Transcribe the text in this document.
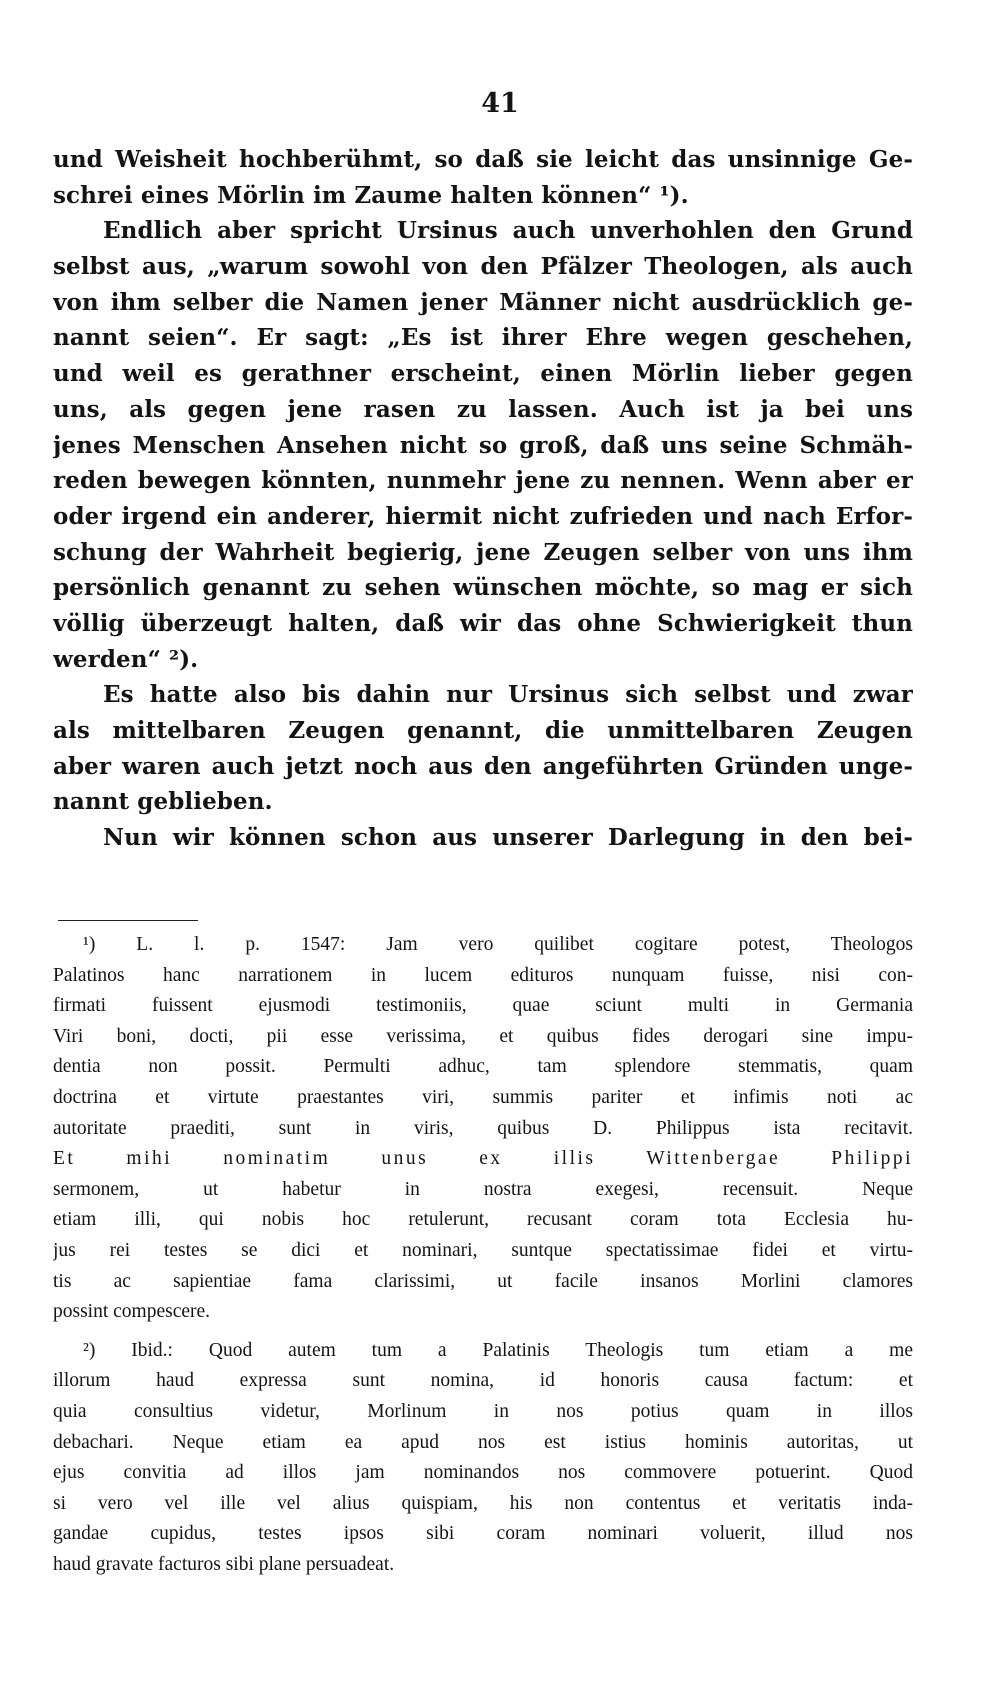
41
und Weisheit hochberühmt, so daß sie leicht das unsinnige Ge-
schrei eines Mörlin im Zaume halten können“ ¹).
Endlich aber spricht Ursinus auch unverhohlen den Grund
selbst aus, „warum sowohl von den Pfälzer Theologen, als auch
von ihm selber die Namen jener Männer nicht ausdrücklich ge-
nannt seien“. Er sagt: „Es ist ihrer Ehre wegen geschehen,
und weil es gerathner erscheint, einen Mörlin lieber gegen
uns, als gegen jene rasen zu lassen. Auch ist ja bei uns
jenes Menschen Ansehen nicht so groß, daß uns seine Schmäh-
reden bewegen könnten, nunmehr jene zu nennen. Wenn aber er
oder irgend ein anderer, hiermit nicht zufrieden und nach Erfor-
schung der Wahrheit begierig, jene Zeugen selber von uns ihm
persönlich genannt zu sehen wünschen möchte, so mag er sich
völlig überzeugt halten, daß wir das ohne Schwierigkeit thun
werden“ ²).
Es hatte also bis dahin nur Ursinus sich selbst und zwar
als mittelbaren Zeugen genannt, die unmittelbaren Zeugen
aber waren auch jetzt noch aus den angeführten Gründen unge-
nannt geblieben.
Nun wir können schon aus unserer Darlegung in den bei-
¹) L. l. p. 1547: Jam vero quilibet cogitare potest, Theologos
Palatinos hanc narrationem in lucem edituros nunquam fuisse, nisi con-
firmati fuissent ejusmodi testimoniis, quae sciunt multi in Germania
Viri boni, docti, pii esse verissima, et quibus fides derogari sine impu-
dentia non possit. Permulti adhuc, tam splendore stemmatis, quam
doctrina et virtute praestantes viri, summis pariter et infimis noti ac
autoritate praediti, sunt in viris, quibus D. Philippus ista recitavit.
Et mihi nominatim unus ex illis Wittenbergae Philippi
sermonem, ut habetur in nostra exegesi, recensuit. Neque
etiam illi, qui nobis hoc retulerunt, recusant coram tota Ecclesia hu-
jus rei testes se dici et nominari, suntque spectatissimae fidei et virtu-
tis ac sapientiae fama clarissimi, ut facile insanos Morlini clamores
possint compescere.
²) Ibid.: Quod autem tum a Palatinis Theologis tum etiam a me
illorum haud expressa sunt nomina, id honoris causa factum: et
quia consultius videtur, Morlinum in nos potius quam in illos
debachari. Neque etiam ea apud nos est istius hominis autoritas, ut
ejus convitia ad illos jam nominandos nos commovere potuerint. Quod
si vero vel ille vel alius quispiam, his non contentus et veritatis inda-
gandae cupidus, testes ipsos sibi coram nominari voluerit, illud nos
haud gravate facturos sibi plane persuadeat.
